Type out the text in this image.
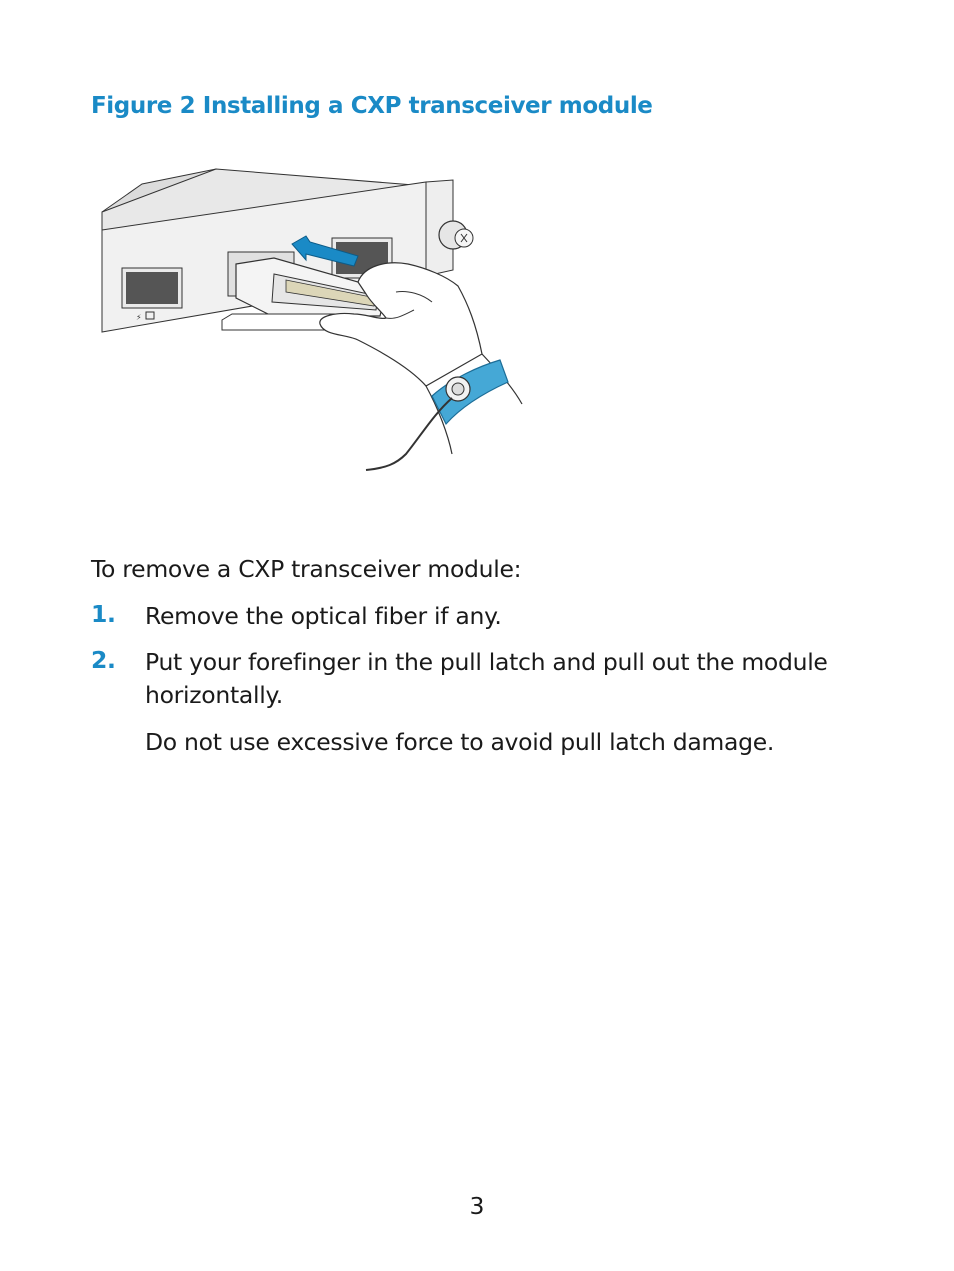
Figure 2 Installing a CXP transceiver module
⚡
To remove a CXP transceiver module:
1. Remove the optical fiber if any.
2. Put your forefinger in the pull latch and pull out the module horizontally.
Do not use excessive force to avoid pull latch damage.
3
